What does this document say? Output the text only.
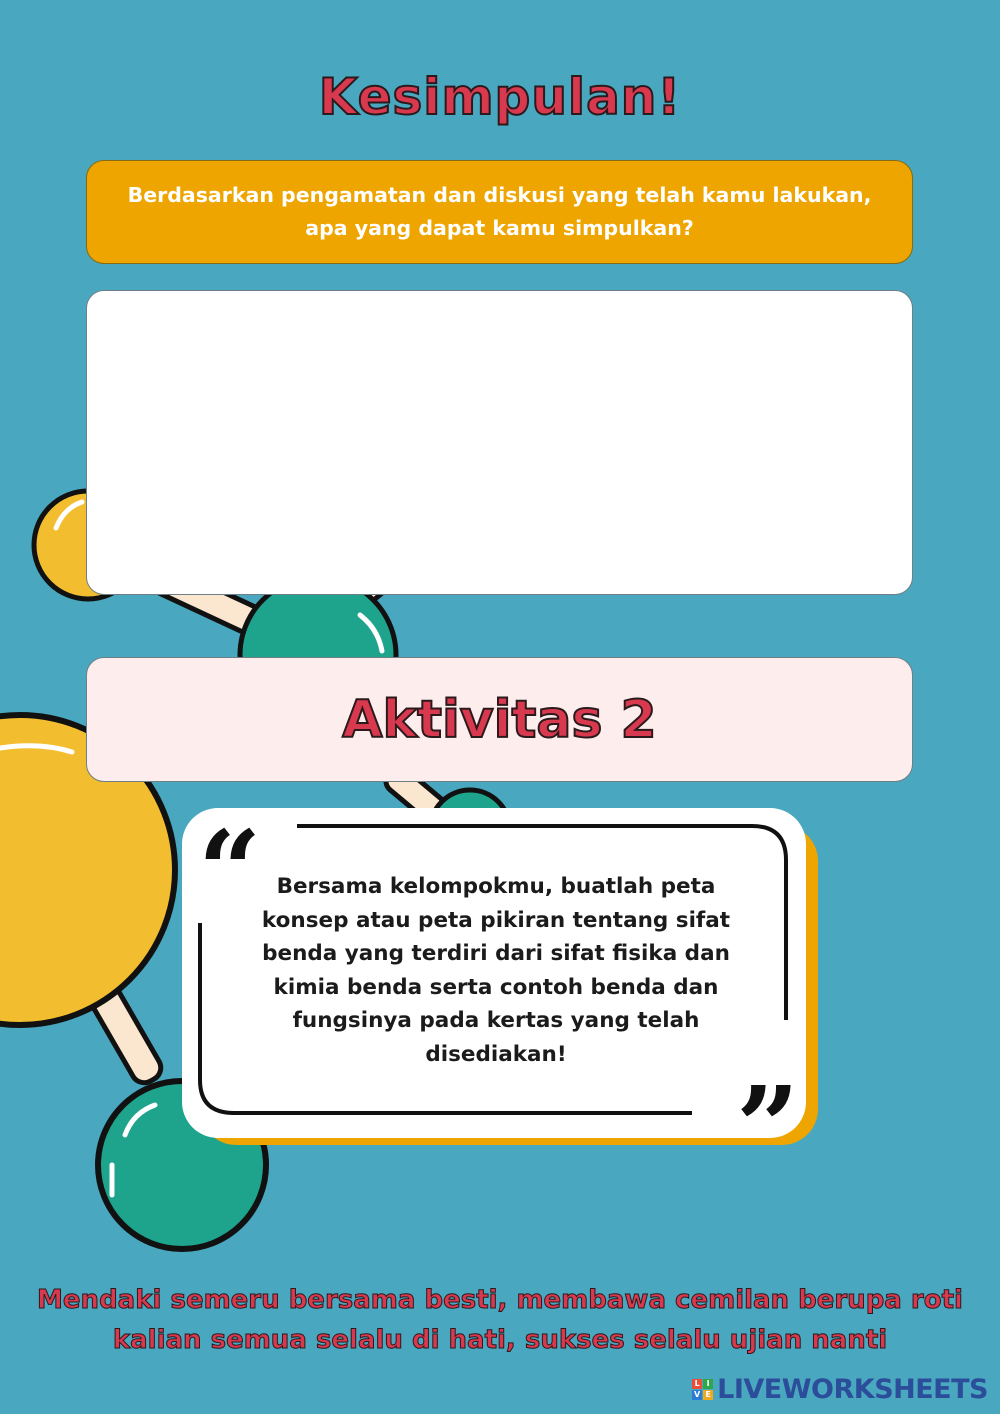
Kesimpulan!
Berdasarkan pengamatan dan diskusi yang telah kamu lakukan, apa yang dapat kamu simpulkan?
Aktivitas 2
“
”
Bersama kelompokmu, buatlah peta
konsep atau peta pikiran tentang sifat
benda yang terdiri dari sifat fisika dan
kimia benda serta contoh benda dan
fungsinya pada kertas yang telah
disediakan!
Mendaki semeru bersama besti, membawa cemilan berupa roti
kalian semua selalu di hati, sukses selalu ujian nanti
L I
V E LIVEWORKSHEETS
